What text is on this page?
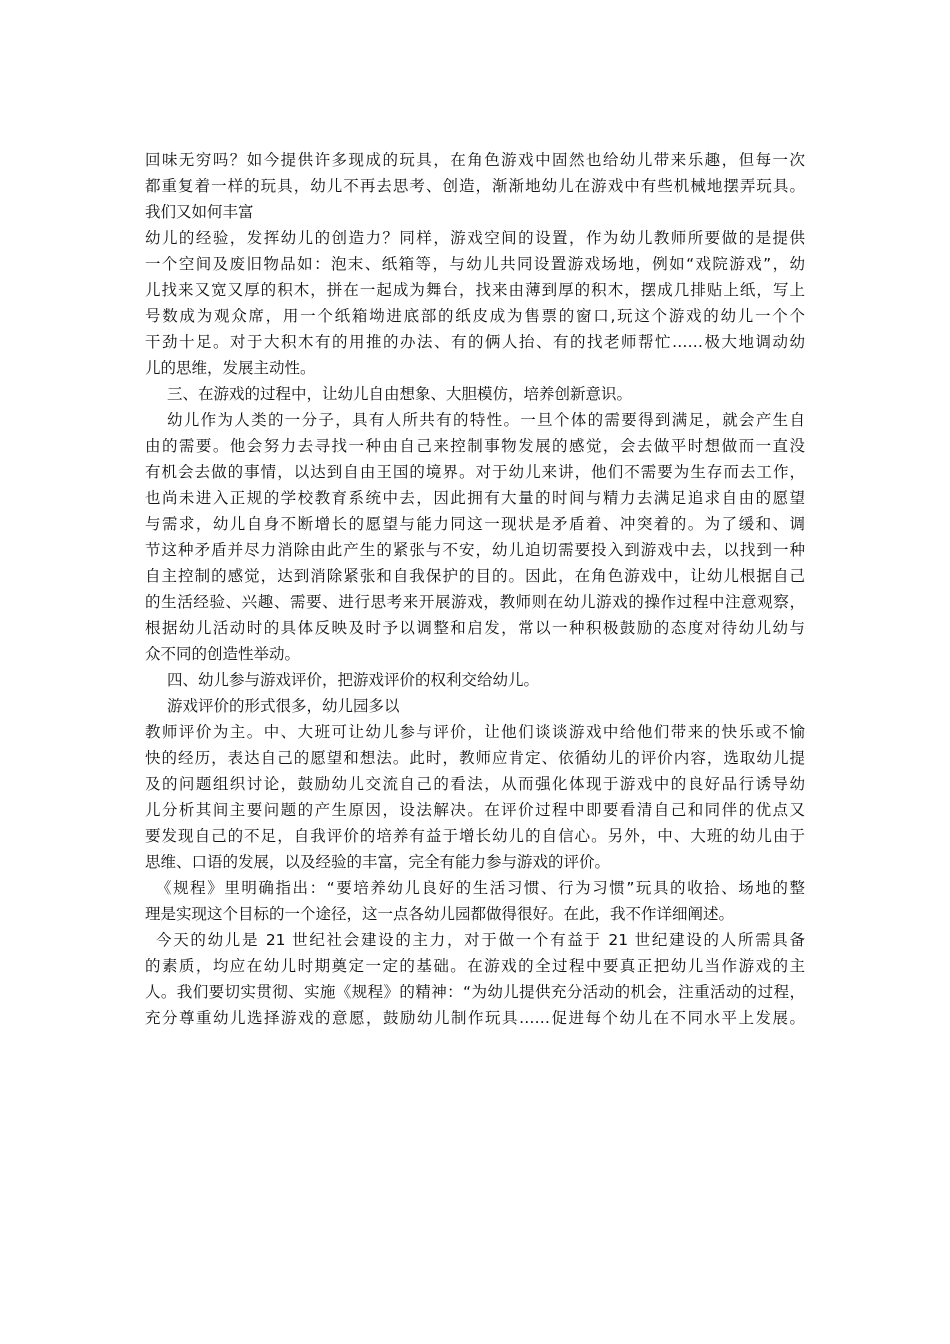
回味无穷吗？如今提供许多现成的玩具，在角色游戏中固然也给幼儿带来乐趣，但每一次
都重复着一样的玩具，幼儿不再去思考、创造，渐渐地幼儿在游戏中有些机械地摆弄玩具。
我们又如何丰富
幼儿的经验，发挥幼儿的创造力？同样，游戏空间的设置，作为幼儿教师所要做的是提供
一个空间及废旧物品如：泡末、纸箱等，与幼儿共同设置游戏场地，例如“戏院游戏”，幼
儿找来又宽又厚的积木，拼在一起成为舞台，找来由薄到厚的积木，摆成几排贴上纸，写上
号数成为观众席，用一个纸箱坳进底部的纸皮成为售票的窗口,玩这个游戏的幼儿一个个
干劲十足。对于大积木有的用推的办法、有的俩人抬、有的找老师帮忙……极大地调动幼
儿的思维，发展主动性。
三、在游戏的过程中，让幼儿自由想象、大胆模仿，培养创新意识。
幼儿作为人类的一分子，具有人所共有的特性。一旦个体的需要得到满足，就会产生自
由的需要。他会努力去寻找一种由自己来控制事物发展的感觉，会去做平时想做而一直没
有机会去做的事情，以达到自由王国的境界。对于幼儿来讲，他们不需要为生存而去工作，
也尚未进入正规的学校教育系统中去，因此拥有大量的时间与精力去满足追求自由的愿望
与需求，幼儿自身不断增长的愿望与能力同这一现状是矛盾着、冲突着的。为了缓和、调
节这种矛盾并尽力消除由此产生的紧张与不安，幼儿迫切需要投入到游戏中去，以找到一种
自主控制的感觉，达到消除紧张和自我保护的目的。因此，在角色游戏中，让幼儿根据自己
的生活经验、兴趣、需要、进行思考来开展游戏，教师则在幼儿游戏的操作过程中注意观察，
根据幼儿活动时的具体反映及时予以调整和启发，常以一种积极鼓励的态度对待幼儿幼与
众不同的创造性举动。
四、幼儿参与游戏评价，把游戏评价的权利交给幼儿。
游戏评价的形式很多，幼儿园多以
教师评价为主。中、大班可让幼儿参与评价，让他们谈谈游戏中给他们带来的快乐或不愉
快的经历，表达自己的愿望和想法。此时，教师应肯定、依循幼儿的评价内容，选取幼儿提
及的问题组织讨论，鼓励幼儿交流自己的看法，从而强化体现于游戏中的良好品行诱导幼
儿分析其间主要问题的产生原因，设法解决。在评价过程中即要看清自己和同伴的优点又
要发现自己的不足，自我评价的培养有益于增长幼儿的自信心。另外，中、大班的幼儿由于
思维、口语的发展，以及经验的丰富，完全有能力参与游戏的评价。
《规程》里明确指出：“要培养幼儿良好的生活习惯、行为习惯”玩具的收拾、场地的整
理是实现这个目标的一个途径，这一点各幼儿园都做得很好。在此，我不作详细阐述。
今天的幼儿是 21 世纪社会建设的主力，对于做一个有益于 21 世纪建设的人所需具备
的素质，均应在幼儿时期奠定一定的基础。在游戏的全过程中要真正把幼儿当作游戏的主
人。我们要切实贯彻、实施《规程》的精神：“为幼儿提供充分活动的机会，注重活动的过程，
充分尊重幼儿选择游戏的意愿，鼓励幼儿制作玩具……促进每个幼儿在不同水平上发展。
